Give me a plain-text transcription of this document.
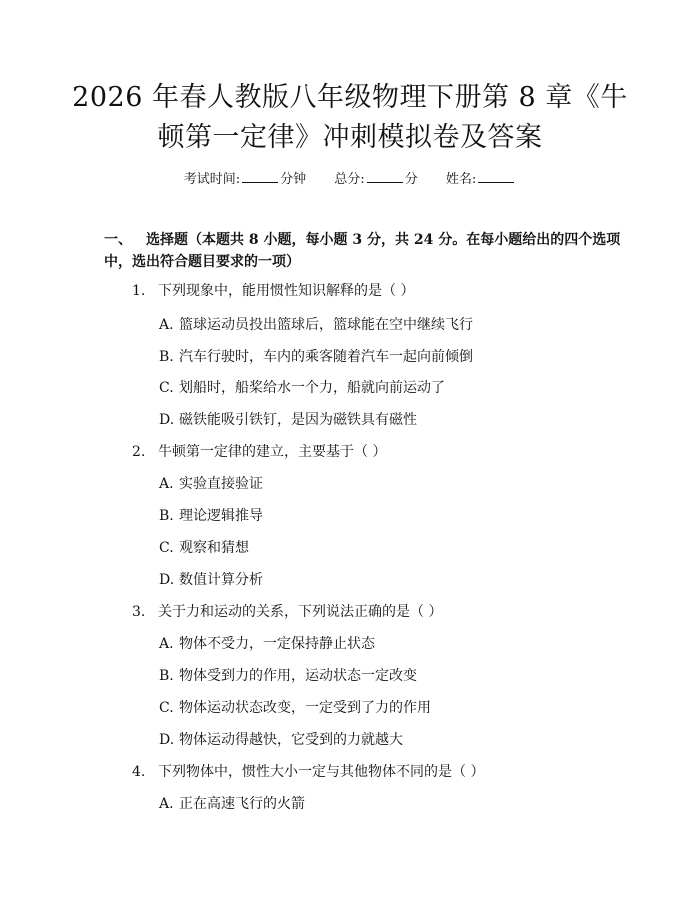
2026 年春人教版八年级物理下册第 8 章《牛顿第一定律》冲刺模拟卷及答案
考试时间:	分钟 总分:	分 姓名:
一、 选择题（本题共 8 小题，每小题 3 分，共 24 分。在每小题给出的四个选项中，选出符合题目要求的一项）
1. 下列现象中，能用惯性知识解释的是（ ）
A. 篮球运动员投出篮球后，篮球能在空中继续飞行
B. 汽车行驶时，车内的乘客随着汽车一起向前倾倒
C. 划船时，船桨给水一个力，船就向前运动了
D. 磁铁能吸引铁钉，是因为磁铁具有磁性
2. 牛顿第一定律的建立，主要基于（ ）
A. 实验直接验证
B. 理论逻辑推导
C. 观察和猜想
D. 数值计算分析
3. 关于力和运动的关系，下列说法正确的是（ ）
A. 物体不受力，一定保持静止状态
B. 物体受到力的作用，运动状态一定改变
C. 物体运动状态改变，一定受到了力的作用
D. 物体运动得越快，它受到的力就越大
4. 下列物体中，惯性大小一定与其他物体不同的是（ ）
A. 正在高速飞行的火箭
